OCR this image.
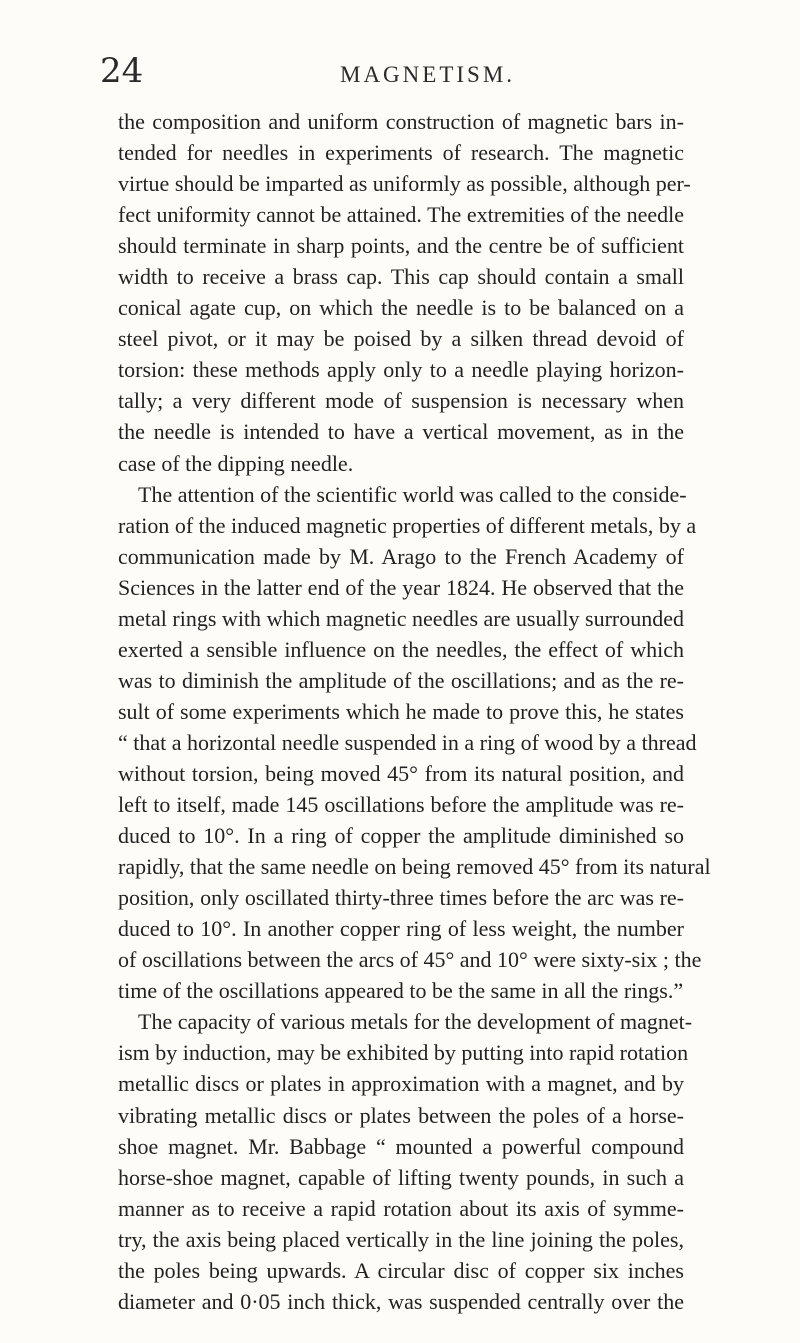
24	MAGNETISM.
the composition and uniform construction of magnetic bars in-
tended for needles in experiments of research. The magnetic
virtue should be imparted as uniformly as possible, although per-
fect uniformity cannot be attained. The extremities of the needle
should terminate in sharp points, and the centre be of sufficient
width to receive a brass cap. This cap should contain a small
conical agate cup, on which the needle is to be balanced on a
steel pivot, or it may be poised by a silken thread devoid of
torsion: these methods apply only to a needle playing horizon-
tally; a very different mode of suspension is necessary when
the needle is intended to have a vertical movement, as in the
case of the dipping needle.
The attention of the scientific world was called to the conside-
ration of the induced magnetic properties of different metals, by a
communication made by M. Arago to the French Academy of
Sciences in the latter end of the year 1824. He observed that the
metal rings with which magnetic needles are usually surrounded
exerted a sensible influence on the needles, the effect of which
was to diminish the amplitude of the oscillations; and as the re-
sult of some experiments which he made to prove this, he states
“ that a horizontal needle suspended in a ring of wood by a thread
without torsion, being moved 45° from its natural position, and
left to itself, made 145 oscillations before the amplitude was re-
duced to 10°. In a ring of copper the amplitude diminished so
rapidly, that the same needle on being removed 45° from its natural
position, only oscillated thirty-three times before the arc was re-
duced to 10°. In another copper ring of less weight, the number
of oscillations between the arcs of 45° and 10° were sixty-six ; the
time of the oscillations appeared to be the same in all the rings.”
The capacity of various metals for the development of magnet-
ism by induction, may be exhibited by putting into rapid rotation
metallic discs or plates in approximation with a magnet, and by
vibrating metallic discs or plates between the poles of a horse-
shoe magnet. Mr. Babbage “ mounted a powerful compound
horse-shoe magnet, capable of lifting twenty pounds, in such a
manner as to receive a rapid rotation about its axis of symme-
try, the axis being placed vertically in the line joining the poles,
the poles being upwards. A circular disc of copper six inches
diameter and 0·05 inch thick, was suspended centrally over the
